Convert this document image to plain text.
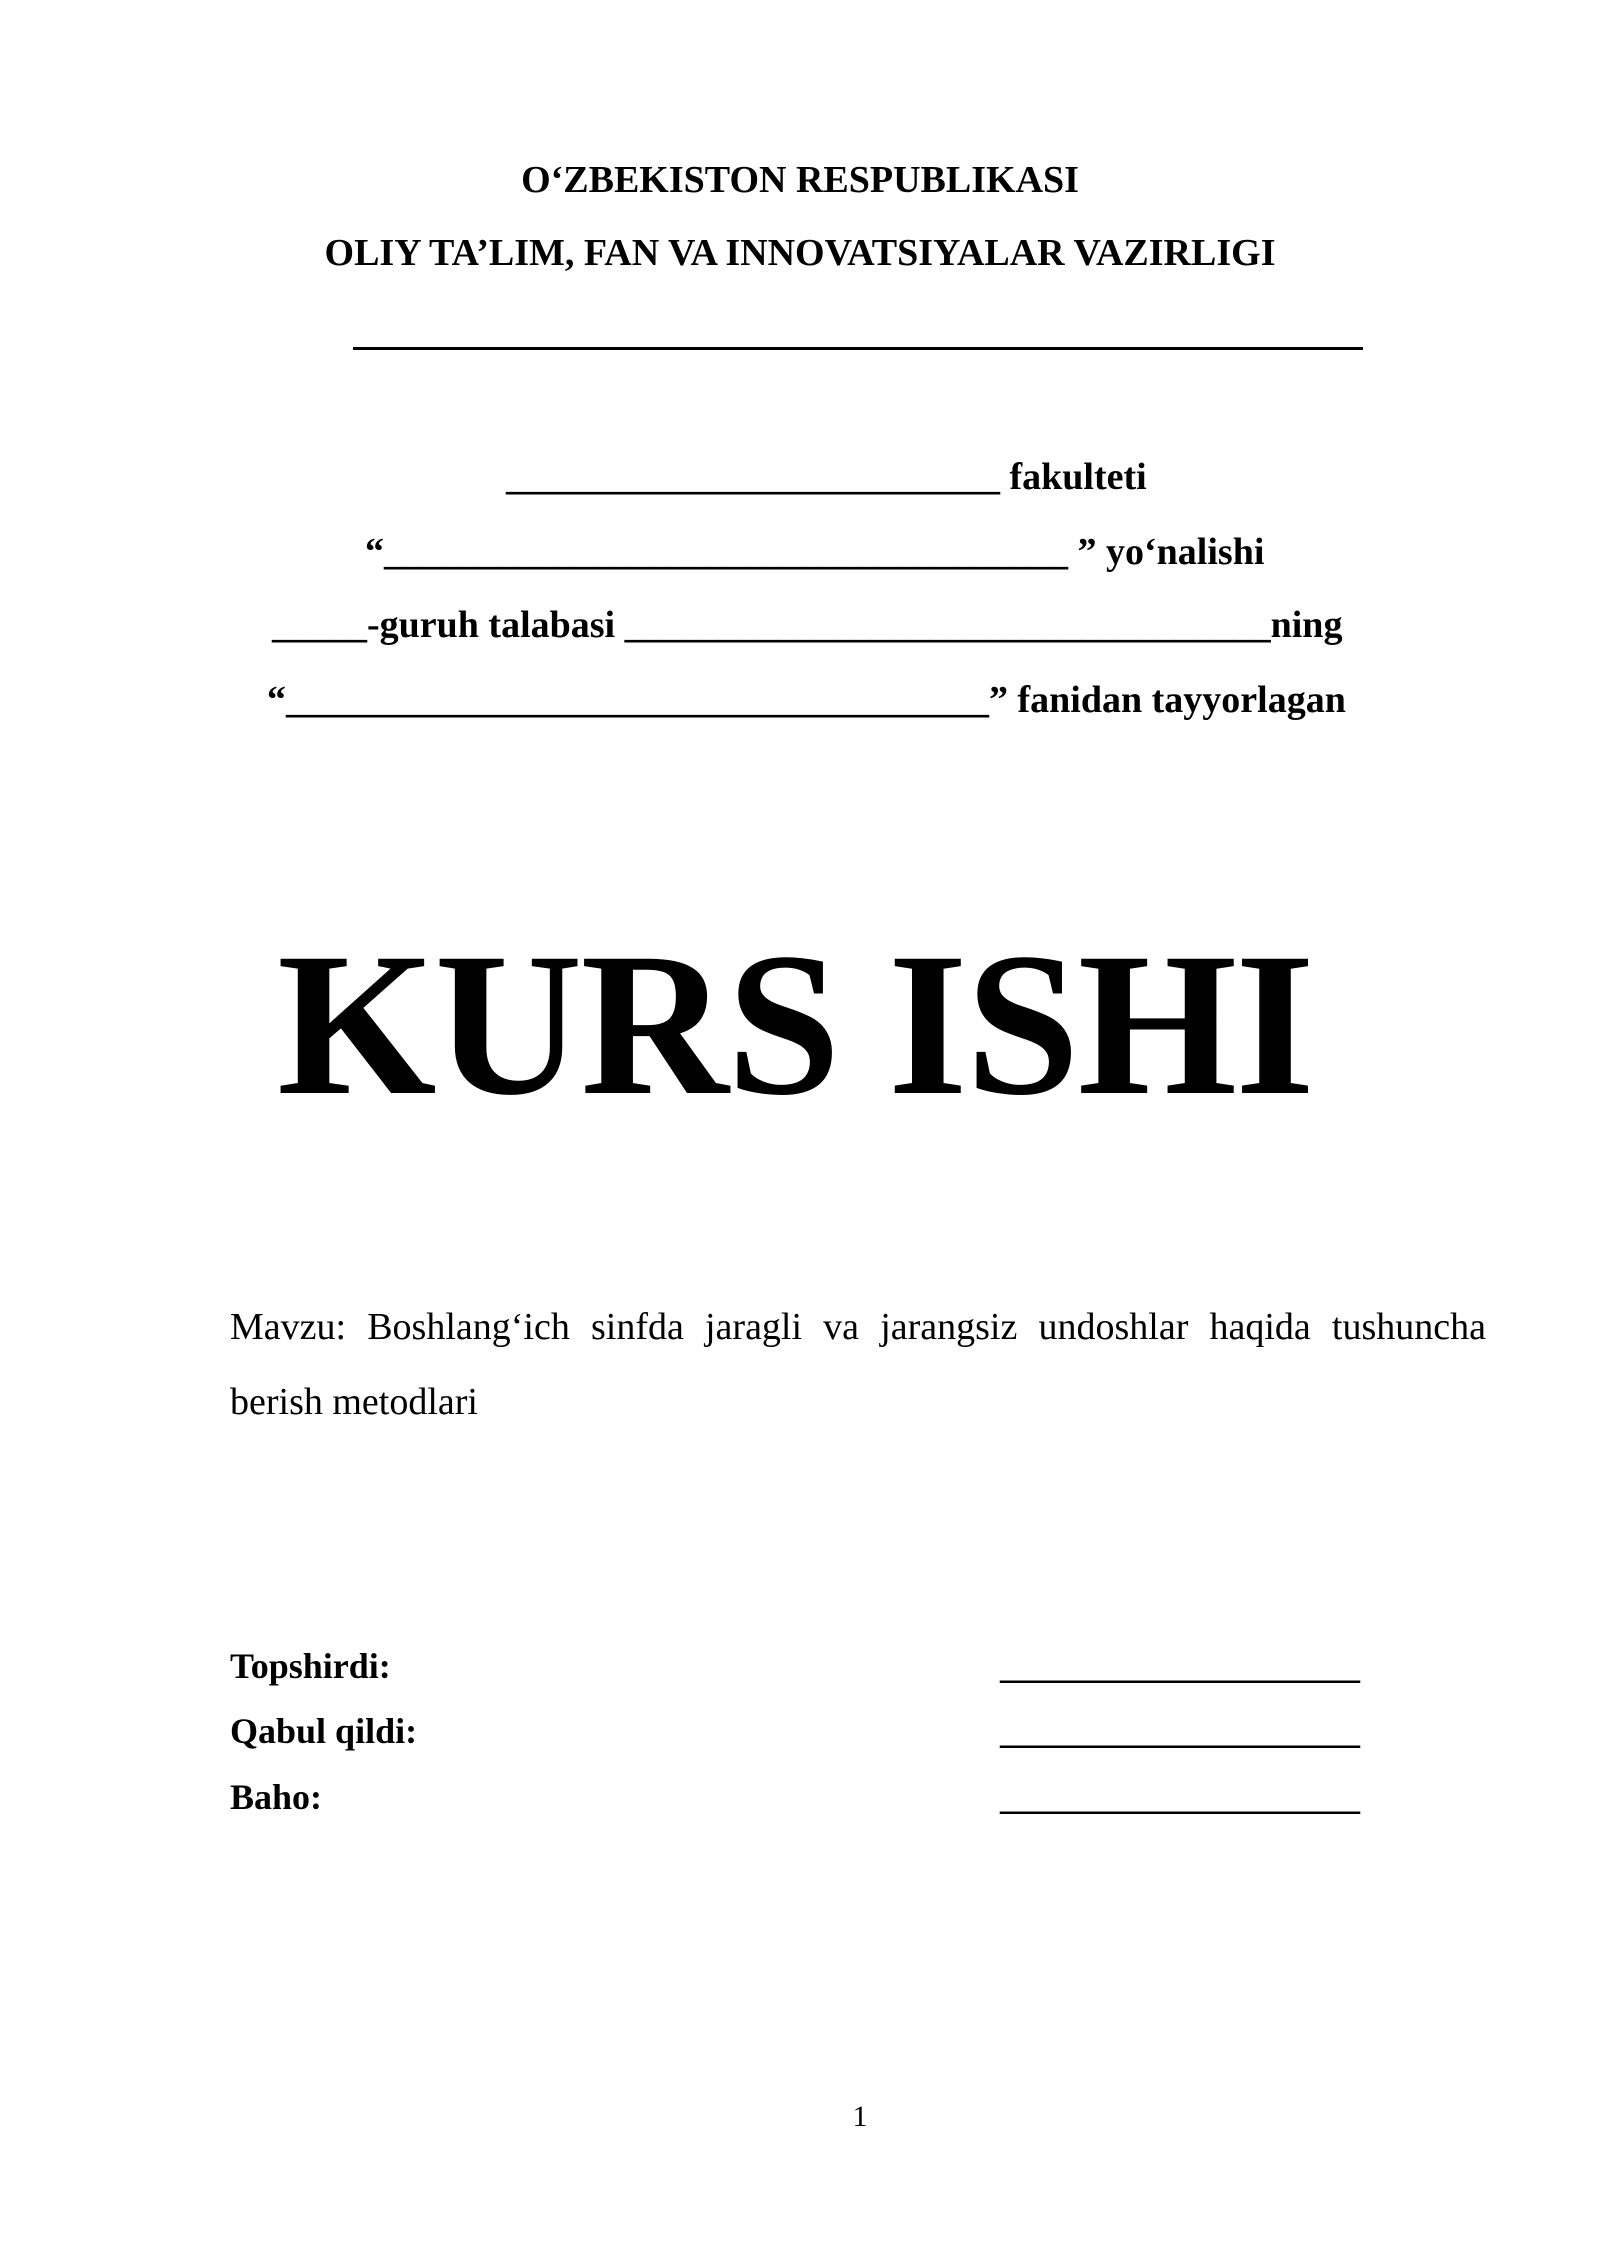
O‘ZBEKISTON RESPUBLIKASI
OLIY TA’LIM, FAN VA INNOVATSIYALAR VAZIRLIGI
__________________________ fakulteti
“____________________________________ ” yo‘nalishi
_____-guruh talabasi __________________________________ning
“_____________________________________” fanidan tayyorlagan
KURS ISHI
Mavzu: Boshlang‘ich sinfda jaragli va jarangsiz undoshlar haqida tushuncha berish metodlari
Topshirdi:	____________________
Qabul qildi:	____________________
Baho:	____________________
1
